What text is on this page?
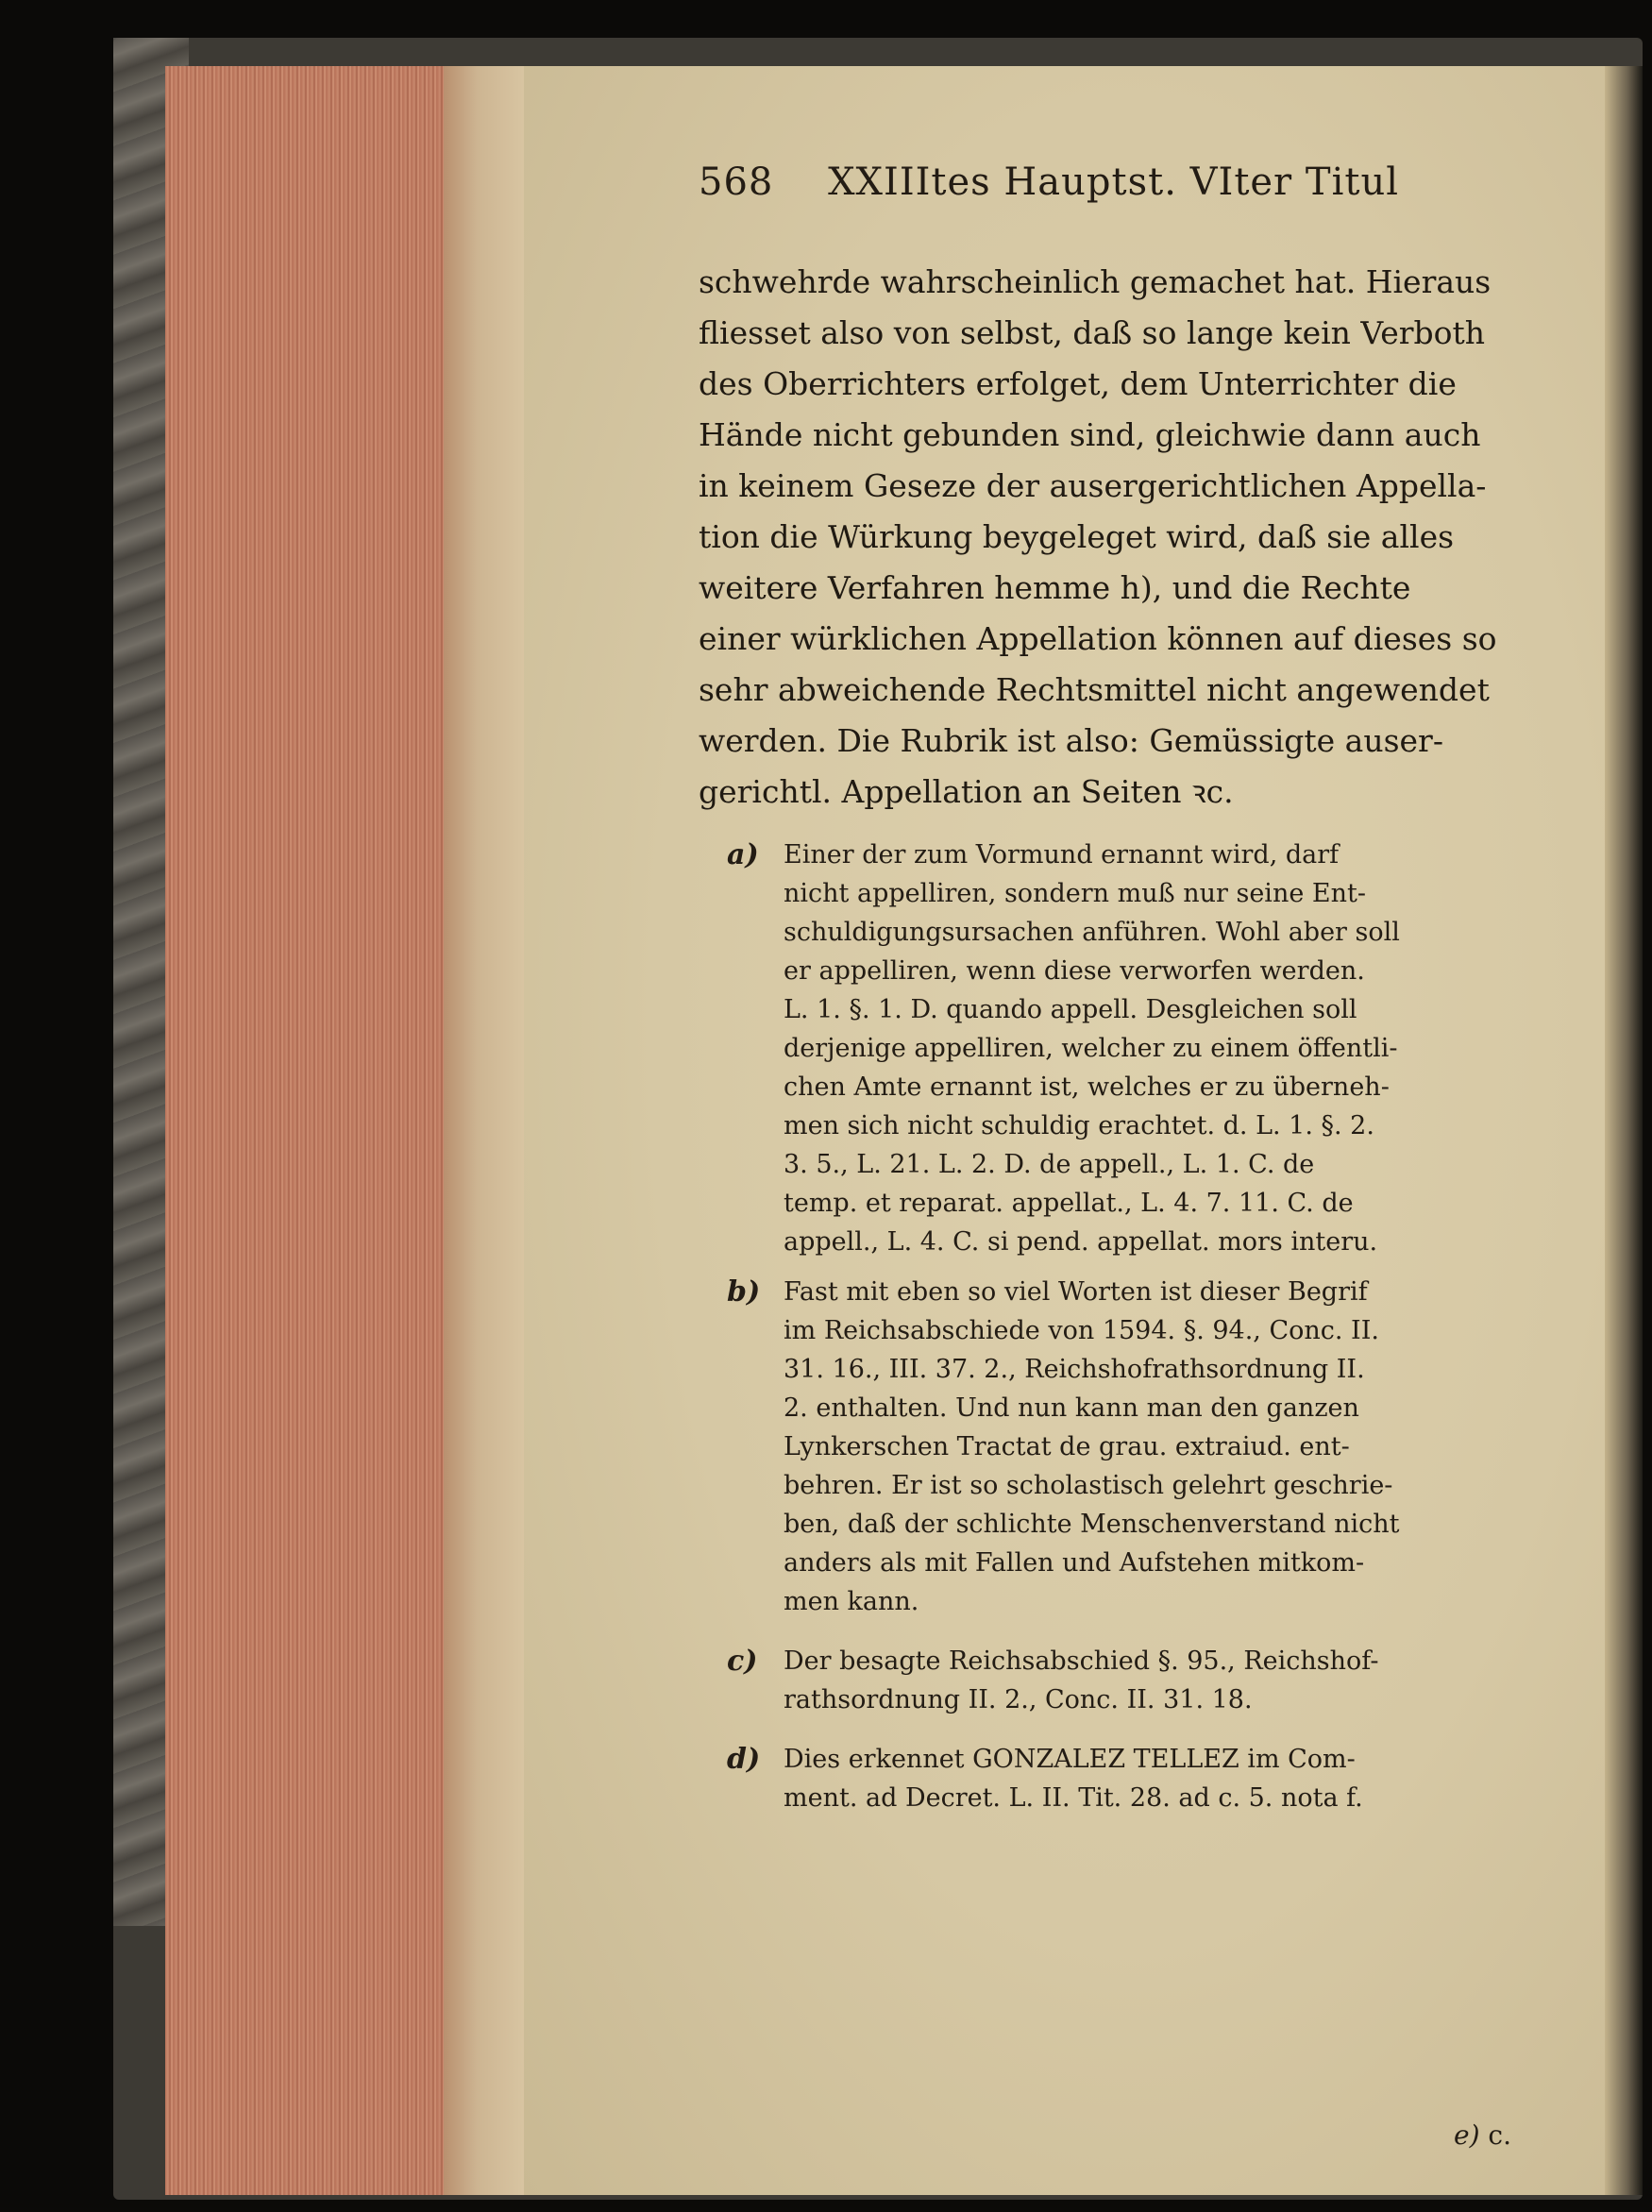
568 XXIIItes Hauptst. VIter Titul
schwehrde wahrscheinlich gemachet hat. Hieraus
fliesset also von selbst, daß so lange kein Verboth
des Oberrichters erfolget, dem Unterrichter die
Hände nicht gebunden sind, gleichwie dann auch
in keinem Geseze der ausergerichtlichen Appella-
tion die Würkung beygeleget wird, daß sie alles
weitere Verfahren hemme h), und die Rechte
einer würklichen Appellation können auf dieses so
sehr abweichende Rechtsmittel nicht angewendet
werden. Die Rubrik ist also: Gemüssigte auser-
gerichtl. Appellation an Seiten ꝛc.
a) Einer der zum Vormund ernannt wird, darf
nicht appelliren, sondern muß nur seine Ent-
schuldigungsursachen anführen. Wohl aber soll
er appelliren, wenn diese verworfen werden.
L. 1. §. 1. D. quando appell. Desgleichen soll
derjenige appelliren, welcher zu einem öffentli-
chen Amte ernannt ist, welches er zu überneh-
men sich nicht schuldig erachtet. d. L. 1. §. 2.
3. 5., L. 21. L. 2. D. de appell., L. 1. C. de
temp. et reparat. appellat., L. 4. 7. 11. C. de
appell., L. 4. C. si pend. appellat. mors interu.
b) Fast mit eben so viel Worten ist dieser Begrif
im Reichsabschiede von 1594. §. 94., Conc. II.
31. 16., III. 37. 2., Reichshofrathsordnung II.
2. enthalten. Und nun kann man den ganzen
Lynkerschen Tractat de grau. extraiud. ent-
behren. Er ist so scholastisch gelehrt geschrie-
ben, daß der schlichte Menschenverstand nicht
anders als mit Fallen und Aufstehen mitkom-
men kann.
c) Der besagte Reichsabschied §. 95., Reichshof-
rathsordnung II. 2., Conc. II. 31. 18.
d) Dies erkennet GONZALEZ TELLEZ im Com-
ment. ad Decret. L. II. Tit. 28. ad c. 5. nota f.
e) c.
